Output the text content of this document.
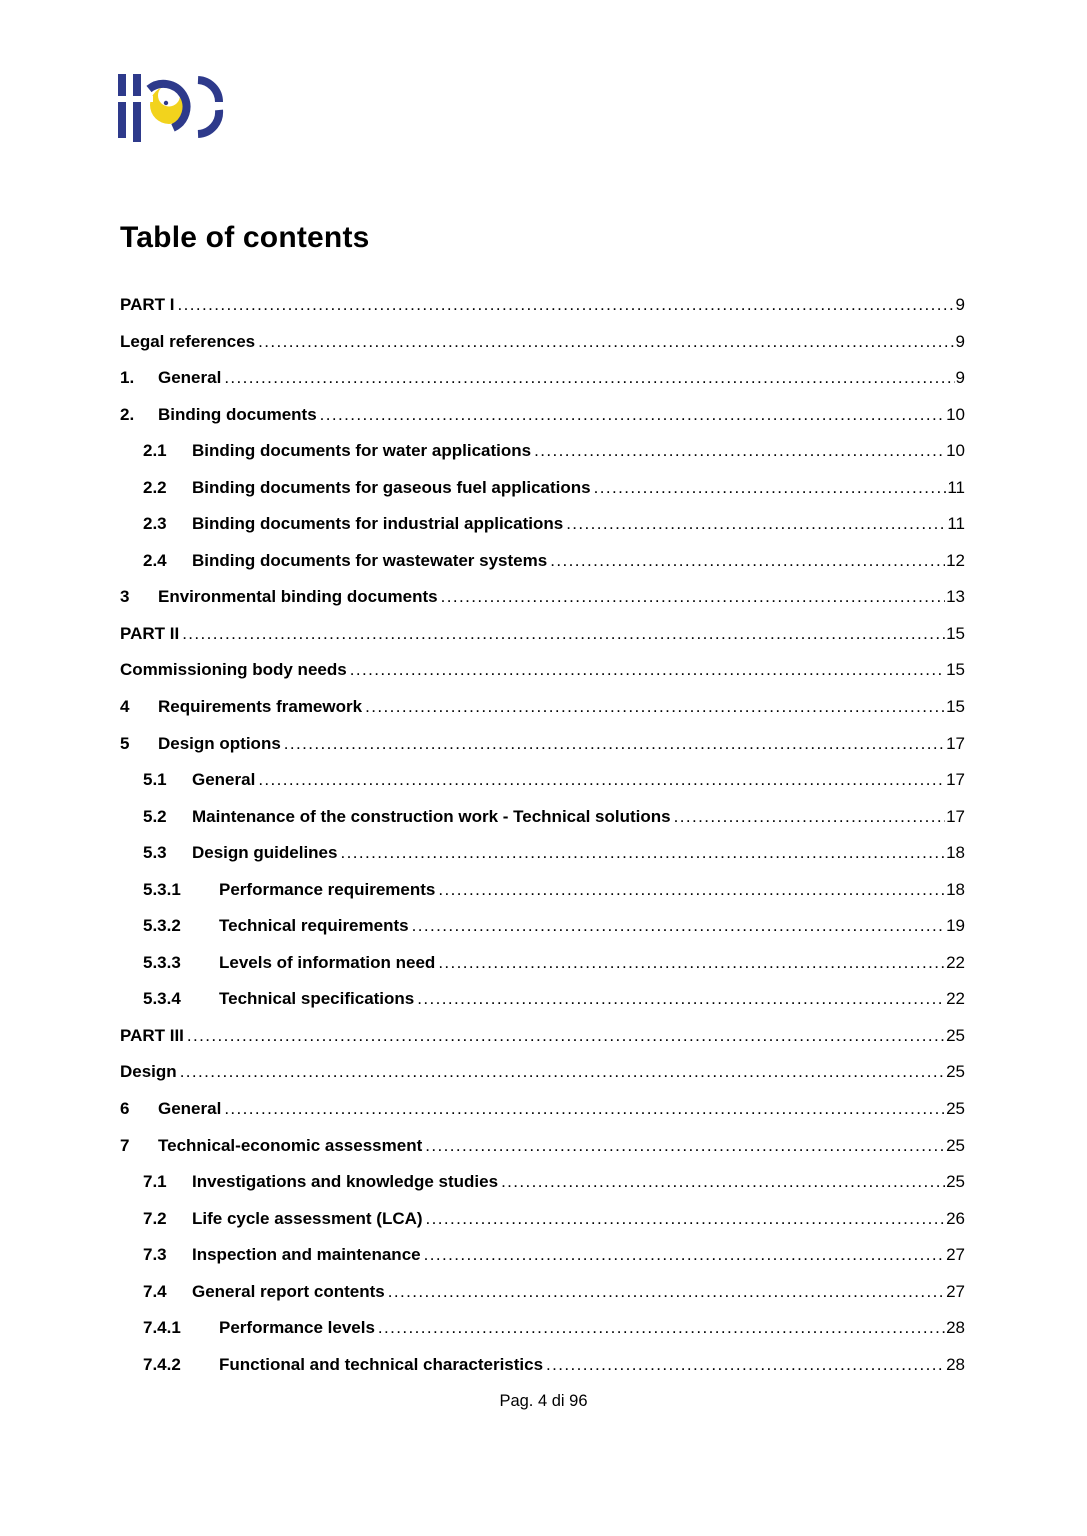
Table of contents
PART I .....	9
Legal references .....	9
1.	General .....	9
2.	Binding documents .....	10
2.1	Binding documents for water applications .....	10
2.2	Binding documents for gaseous fuel applications .....	11
2.3	Binding documents for industrial applications .....	11
2.4	Binding documents for wastewater systems .....	12
3	Environmental binding documents .....	13
PART II .....	15
Commissioning body needs .....	15
4	Requirements framework .....	15
5	Design options .....	17
5.1	General .....	17
5.2	Maintenance of the construction work - Technical solutions .....	17
5.3	Design guidelines .....	18
5.3.1	Performance requirements .....	18
5.3.2	Technical requirements .....	19
5.3.3	Levels of information need .....	22
5.3.4	Technical specifications .....	22
PART III .....	25
Design .....	25
6	General .....	25
7	Technical-economic assessment .....	25
7.1	Investigations and knowledge studies .....	25
7.2	Life cycle assessment (LCA) .....	26
7.3	Inspection and maintenance .....	27
7.4	General report contents .....	27
7.4.1	Performance levels .....	28
7.4.2	Functional and technical characteristics .....	28
Pag. 4 di 96
